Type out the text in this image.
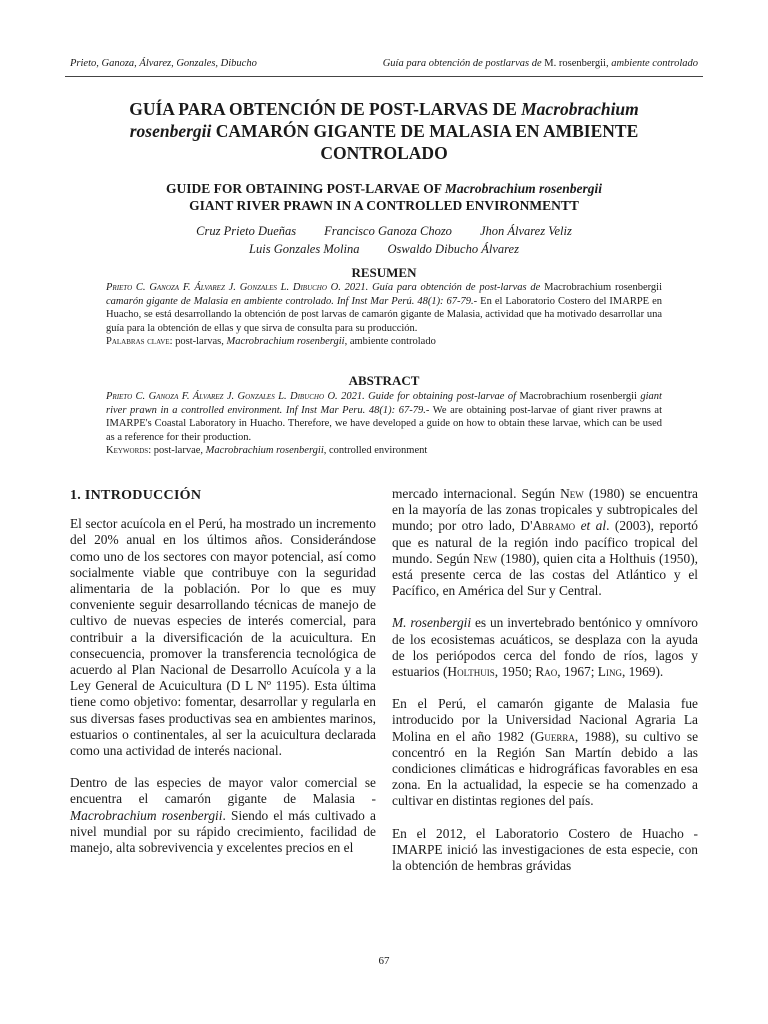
Prieto, Ganoza, Álvarez, Gonzales, Dibucho	Guía para obtención de postlarvas de M. rosenbergii, ambiente controlado
GUÍA PARA OBTENCIÓN DE POST-LARVAS DE Macrobrachium
rosenbergii CAMARÓN GIGANTE DE MALASIA EN AMBIENTE CONTROLADO
GUIDE FOR OBTAINING POST-LARVAE OF Macrobrachium rosenbergii
GIANT RIVER PRAWN IN A CONTROLLED ENVIRONMENTT
Cruz Prieto Dueñas Francisco Ganoza Chozo Jhon Álvarez Veliz
Luis Gonzales Molina Oswaldo Dibucho Álvarez
RESUMEN
Prieto C. Ganoza F. Álvarez J. Gonzales L. Dibucho O. 2021. Guía para obtención de post-larvas de Macrobrachium rosenbergii camarón gigante de Malasia en ambiente controlado. Inf Inst Mar Perú. 48(1): 67-79.- En el Laboratorio Costero del IMARPE en Huacho, se está desarrollando la obtención de post larvas de camarón gigante de Malasia, actividad que ha motivado desarrollar una guía para la obtención de ellas y que sirva de consulta para su producción.
Palabras clave: post-larvas, Macrobrachium rosenbergii, ambiente controlado
ABSTRACT
Prieto C. Ganoza F. Álvarez J. Gonzales L. Dibucho O. 2021. Guide for obtaining post-larvae of Macrobrachium rosenbergii giant river prawn in a controlled environment. Inf Inst Mar Peru. 48(1): 67-79.- We are obtaining post-larvae of giant river prawns at IMARPE's Coastal Laboratory in Huacho. Therefore, we have developed a guide on how to obtain these larvae, which can be used as a reference for their production.
Keywords: post-larvae, Macrobrachium rosenbergii, controlled environment
1. INTRODUCCIÓN

El sector acuícola en el Perú, ha mostrado un incremento del 20% anual en los últimos años. Considerándose como uno de los sectores con mayor potencial, así como socialmente viable que contribuye con la seguridad alimentaria de la población. Por lo que es muy conveniente seguir desarrollando técnicas de manejo de cultivo de nuevas especies de interés comercial, para contribuir a la diversificación de la acuicultura. En consecuencia, promover la transferencia tecnológica de acuerdo al Plan Nacional de Desarrollo Acuícola y a la Ley General de Acuicultura (D L Nº 1195). Esta última tiene como objetivo: fomentar, desarrollar y regularla en sus diversas fases productivas sea en ambientes marinos, estuarios o continentales, al ser la acuicultura declarada como una actividad de interés nacional.

Dentro de las especies de mayor valor comercial se encuentra el camarón gigante de Malasia - Macrobrachium rosenbergii. Siendo el más cultivado a nivel mundial por su rápido crecimiento, facilidad de manejo, alta sobrevivencia y excelentes precios en el

mercado internacional. Según New (1980) se encuentra en la mayoría de las zonas tropicales y subtropicales del mundo; por otro lado, D'Abramo et al. (2003), reportó que es natural de la región indo pacífico tropical del mundo. Según New (1980), quien cita a Holthuis (1950), está presente cerca de las costas del Atlántico y el Pacífico, en América del Sur y Central.

M. rosenbergii es un invertebrado bentónico y omnívoro de los ecosistemas acuáticos, se desplaza con la ayuda de los periópodos cerca del fondo de ríos, lagos y estuarios (Holthuis, 1950; Rao, 1967; Ling, 1969).

En el Perú, el camarón gigante de Malasia fue introducido por la Universidad Nacional Agraria La Molina en el año 1982 (Guerra, 1988), su cultivo se concentró en la Región San Martín debido a las condiciones climáticas e hidrográficas favorables en esa zona. En la actualidad, la especie se ha comenzado a cultivar en distintas regiones del país.

En el 2012, el Laboratorio Costero de Huacho - IMARPE inició las investigaciones de esta especie, con la obtención de hembras grávidas

67
